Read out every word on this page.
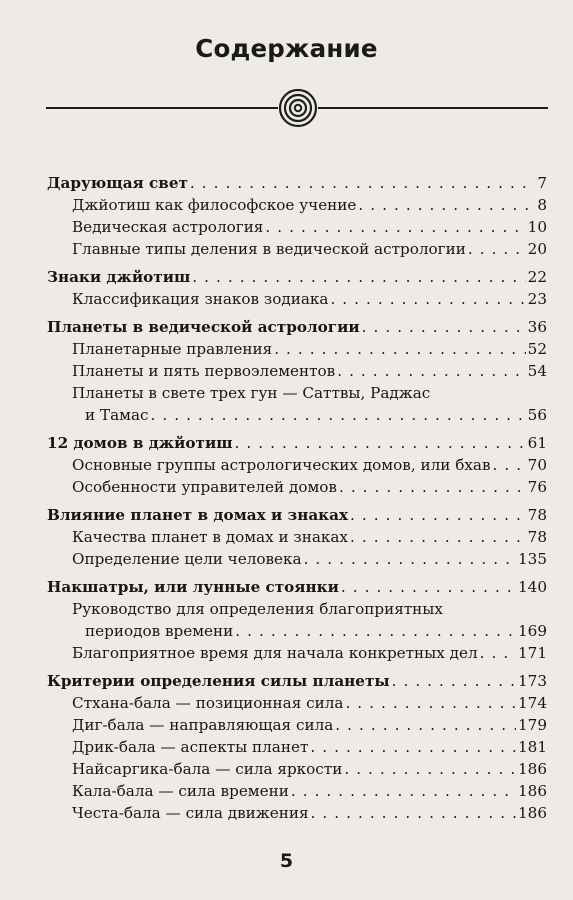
Содержание
Дарующая свет . . .	7
Джйотиш как философское учение . . .	8
Ведическая астрология . . .	10
Главные типы деления в ведической астрологии . . .	20
Знаки джйотиш . . .	22
Классификация знаков зодиака . . .	23
Планеты в ведической астрологии . . .	36
Планетарные правления . . .	52
Планеты и пять первоэлементов . . .	54
Планеты в свете трех гун — Саттвы, Раджас
и Тамас . . .	56
12 домов в джйотиш . . .	61
Основные группы астрологических домов, или бхав . . . 70
Особенности управителей домов . . .	76
Влияние планет в домах и знаках . . .	78
Качества планет в домах и знаках . . .	78
Определение цели человека . . .	135
Накшатры, или лунные стоянки . . .	140
Руководство для определения благоприятных
периодов времени . . .	169
Благоприятное время для начала конкретных дел . . .	171
Критерии определения силы планеты . . .	173
Стхана-бала — позиционная сила . . .	174
Диг-бала — направляющая сила . . .	179
Дрик-бала — аспекты планет . . .	181
Найсаргика-бала — сила яркости . . .	186
Кала-бала — сила времени . . .	186
Честа-бала — сила движения . . .	186
5
